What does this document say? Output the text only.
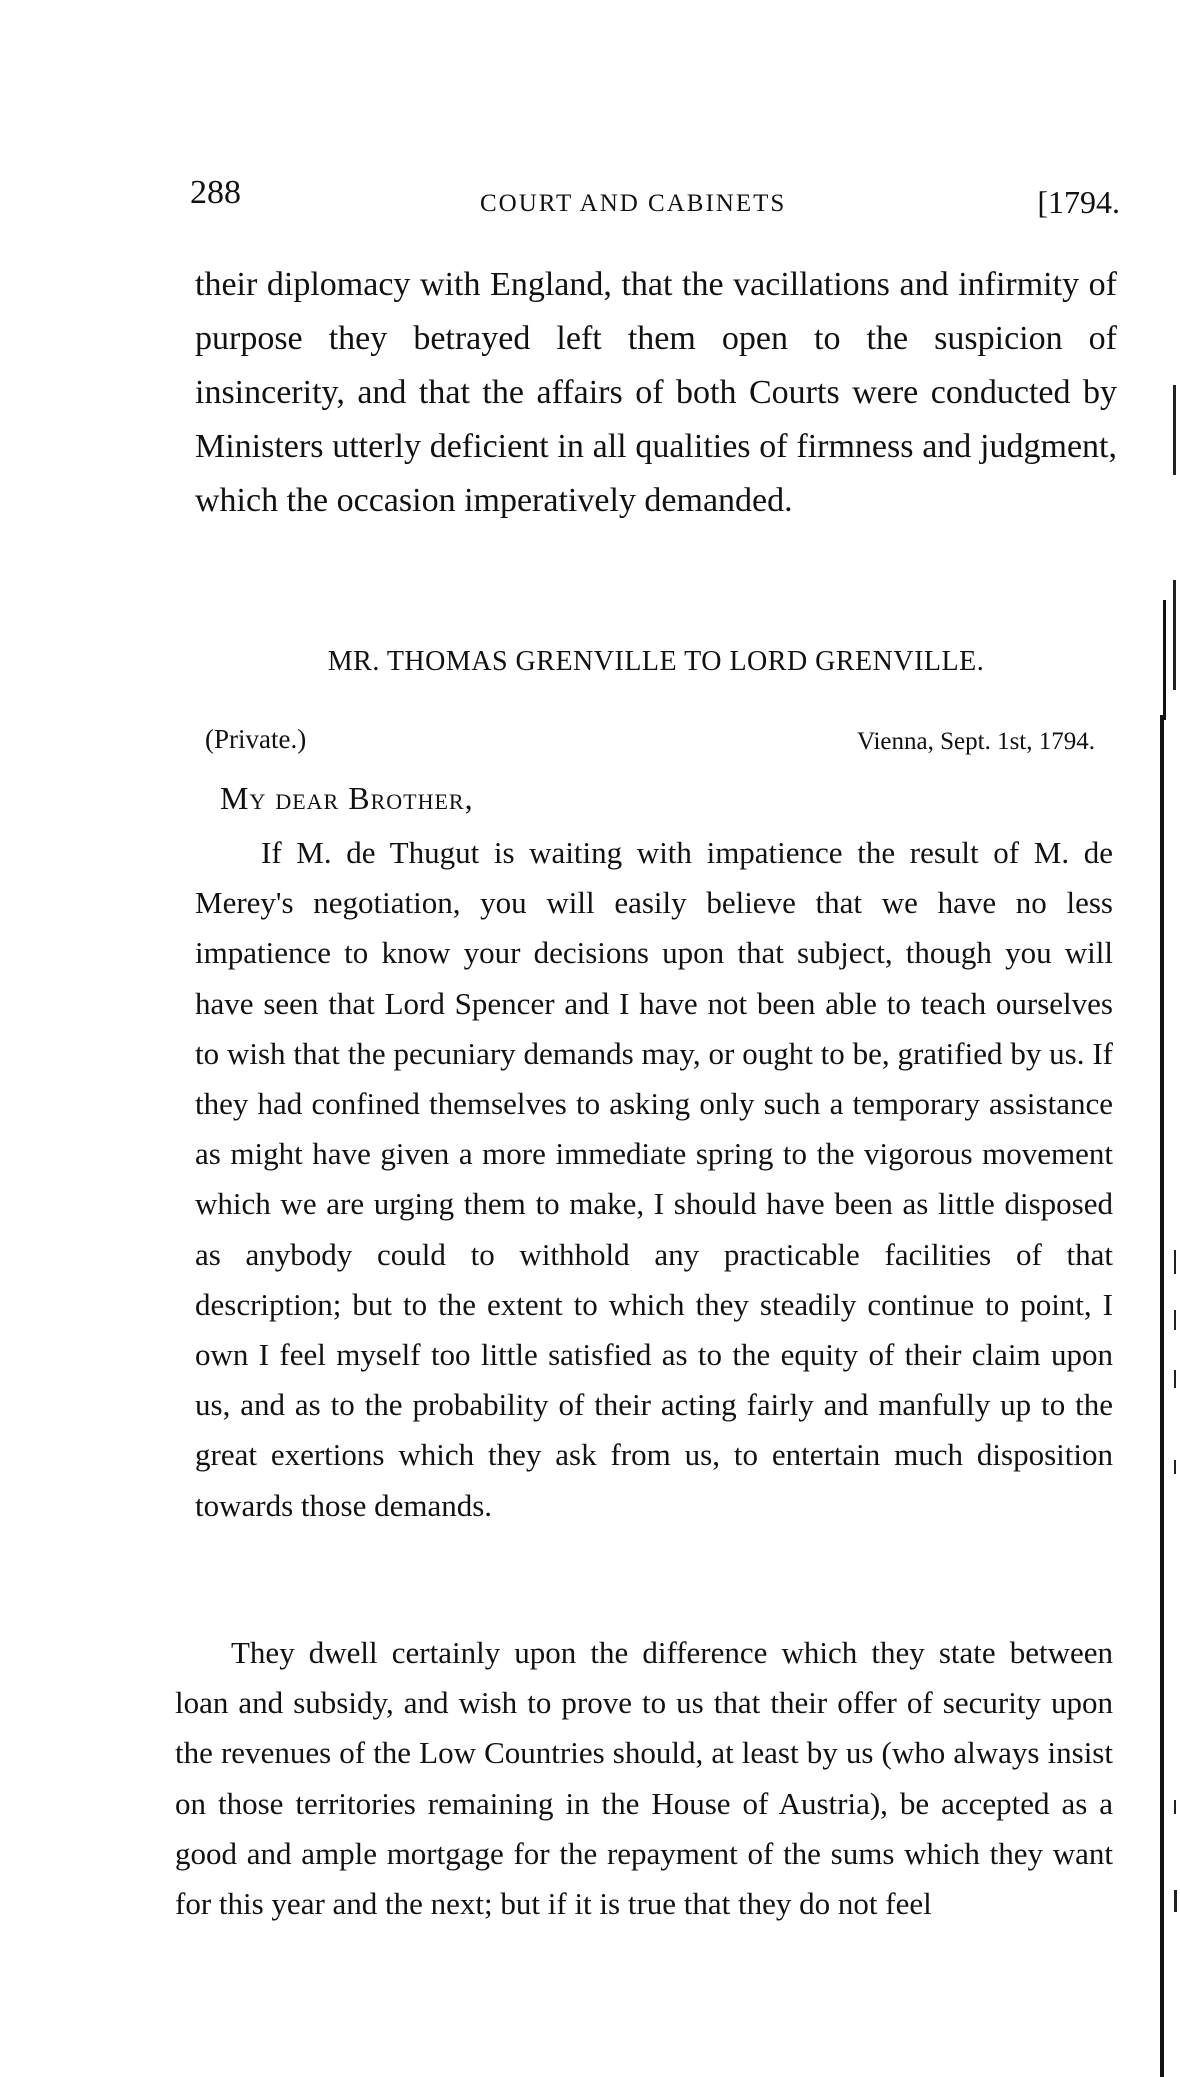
288	COURT AND CABINETS	[1794.

their diplomacy with England, that the vacillations and infirmity of purpose they betrayed left them open to the suspicion of insincerity, and that the affairs of both Courts were conducted by Ministers utterly deficient in all qualities of firmness and judgment, which the occasion imperatively demanded.

MR. THOMAS GRENVILLE TO LORD GRENVILLE.
(Private.)	Vienna, Sept. 1st, 1794.
My dear Brother,

If M. de Thugut is waiting with impatience the result of M. de Merey's negotiation, you will easily believe that we have no less impatience to know your decisions upon that subject, though you will have seen that Lord Spencer and I have not been able to teach ourselves to wish that the pecuniary demands may, or ought to be, gratified by us. If they had confined themselves to asking only such a temporary assistance as might have given a more immediate spring to the vigorous movement which we are urging them to make, I should have been as little disposed as anybody could to withhold any practicable facilities of that description; but to the extent to which they steadily continue to point, I own I feel myself too little satisfied as to the equity of their claim upon us, and as to the probability of their acting fairly and manfully up to the great exertions which they ask from us, to entertain much disposition towards those demands.

They dwell certainly upon the difference which they state between loan and subsidy, and wish to prove to us that their offer of security upon the revenues of the Low Countries should, at least by us (who always insist on those territories remaining in the House of Austria), be accepted as a good and ample mortgage for the repayment of the sums which they want for this year and the next; but if it is true that they do not feel
